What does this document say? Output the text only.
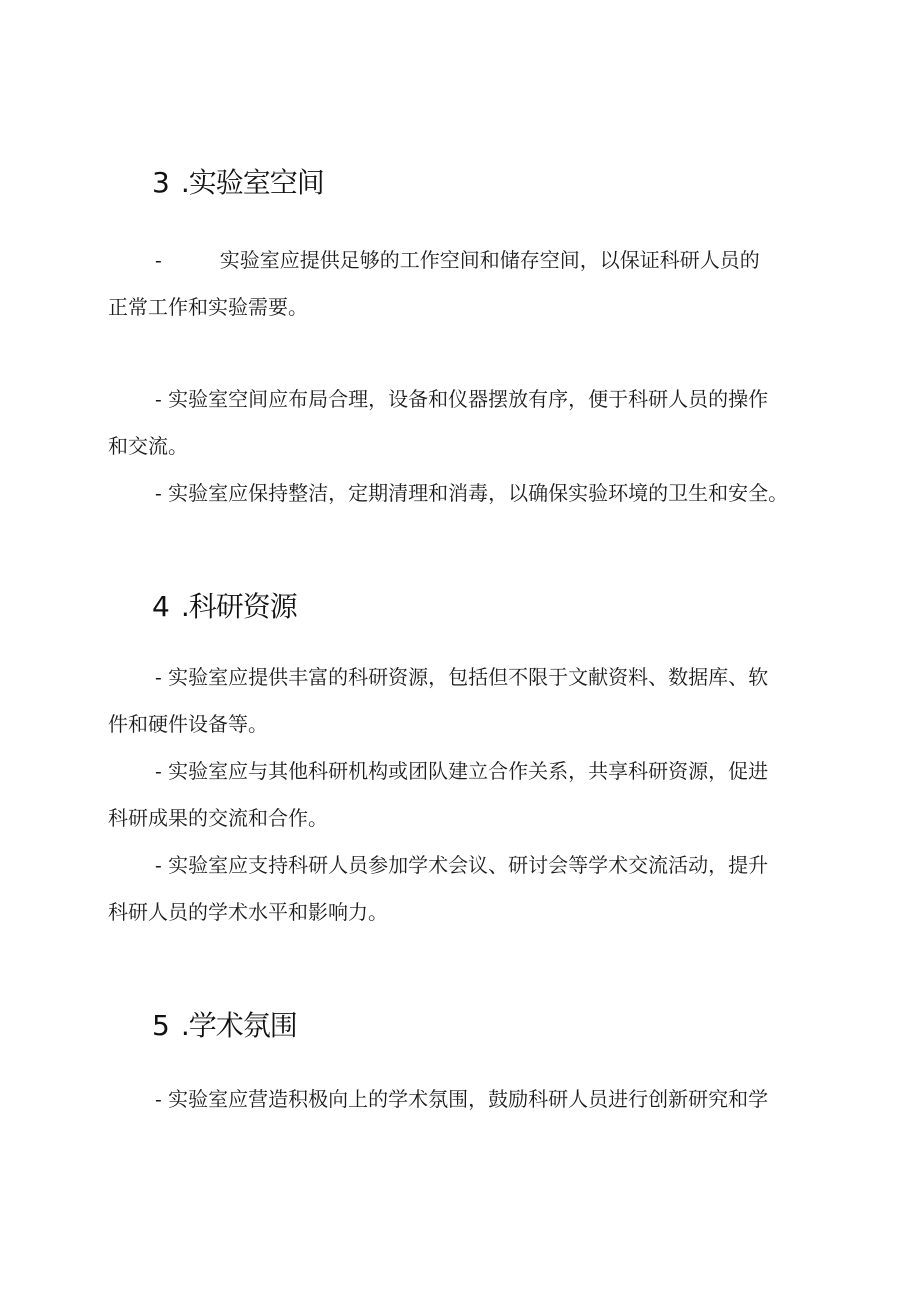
3 .实验室空间
-	实验室应提供足够的工作空间和储存空间，以保证科研人员的
正常工作和实验需要。
- 实验室空间应布局合理，设备和仪器摆放有序，便于科研人员的操作
和交流。
- 实验室应保持整洁，定期清理和消毒，以确保实验环境的卫生和安全。
4 .科研资源
- 实验室应提供丰富的科研资源，包括但不限于文献资料、数据库、软
件和硬件设备等。
- 实验室应与其他科研机构或团队建立合作关系，共享科研资源，促进
科研成果的交流和合作。
- 实验室应支持科研人员参加学术会议、研讨会等学术交流活动，提升
科研人员的学术水平和影响力。
5 .学术氛围
- 实验室应营造积极向上的学术氛围，鼓励科研人员进行创新研究和学
